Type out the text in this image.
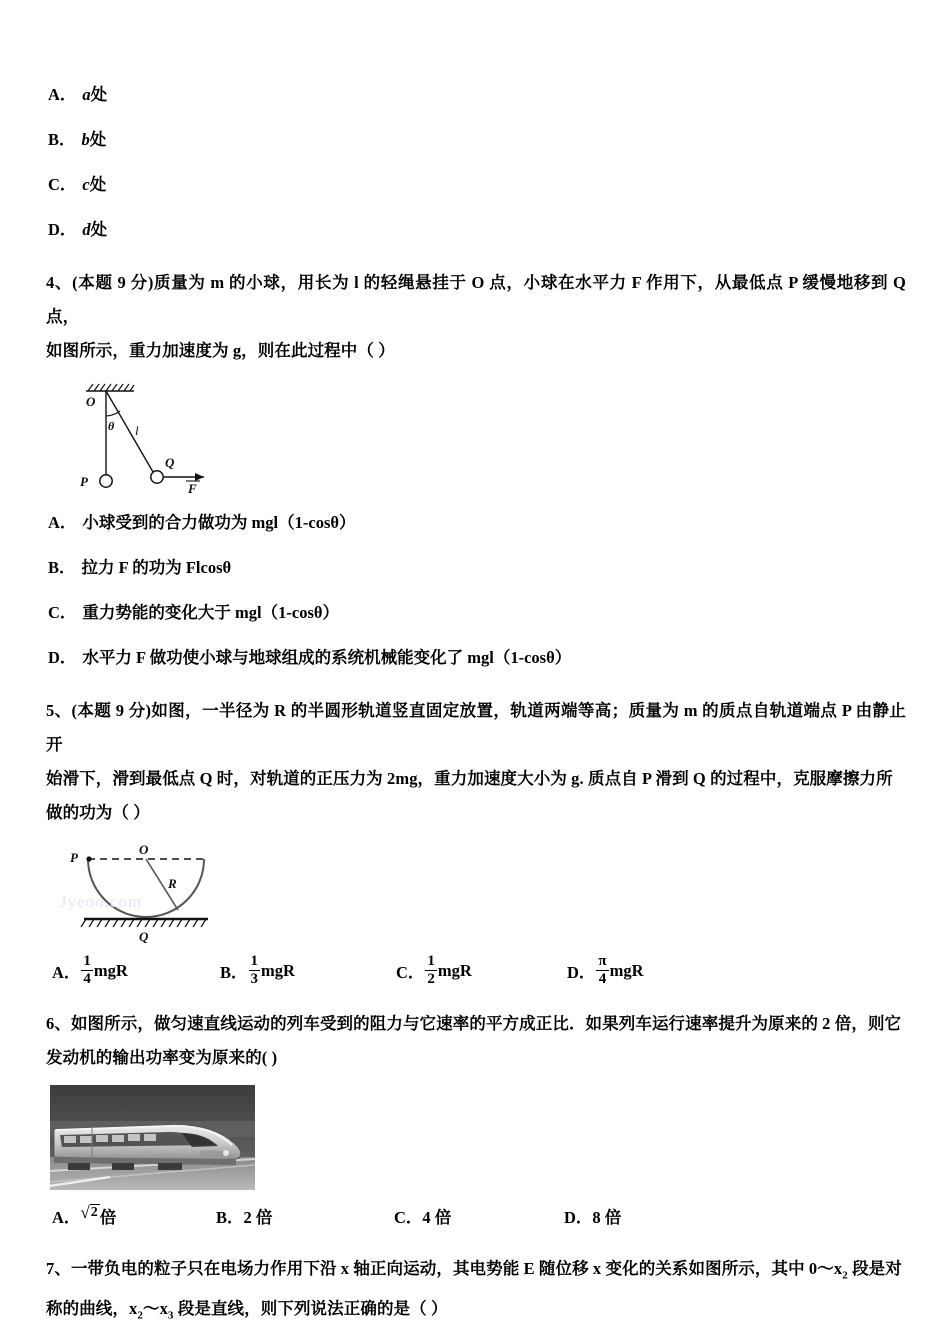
A． a处
B． b处
C． c处
D． d处
4、(本题 9 分)质量为 m 的小球，用长为 l 的轻绳悬挂于 O 点，小球在水平力 F 作用下，从最低点 P 缓慢地移到 Q 点，
如图所示，重力加速度为 g，则在此过程中（ ）
O
θ l
P
Q
F
A． 小球受到的合力做功为 mgl（1‑cosθ）
B． 拉力 F 的功为 Flcosθ
C． 重力势能的变化大于 mgl（1‑cosθ）
D． 水平力 F 做功使小球与地球组成的系统机械能变化了 mgl（1‑cosθ）
5、(本题 9 分)如图，一半径为 R 的半圆形轨道竖直固定放置，轨道两端等高；质量为 m 的质点自轨道端点 P 由静止开
始滑下，滑到最低点 Q 时，对轨道的正压力为 2mg，重力加速度大小为 g. 质点自 P 滑到 Q 的过程中，克服摩擦力所
做的功为（ ）
P
O
R
Q
Jyeoo.com
A． $\frac{1}{4}$ mgR	B． $\frac{1}{3}$ mgR	C． $\frac{1}{2}$ mgR	D． $\frac{\pi}{4}$ mgR
6、如图所示，做匀速直线运动的列车受到的阻力与它速率的平方成正比．如果列车运行速率提升为原来的 2 倍，则它
发动机的输出功率变为原来的( )
A． √ 2 倍	B． 2 倍	C． 4 倍	D． 8 倍
7、一带负电的粒子只在电场力作用下沿 x 轴正向运动，其电势能 E 随位移 x 变化的关系如图所示，其中 $0\sim x_2$ 段是对
称的曲线，$x_2\sim x_3$ 段是直线，则下列说法正确的是（ ）
